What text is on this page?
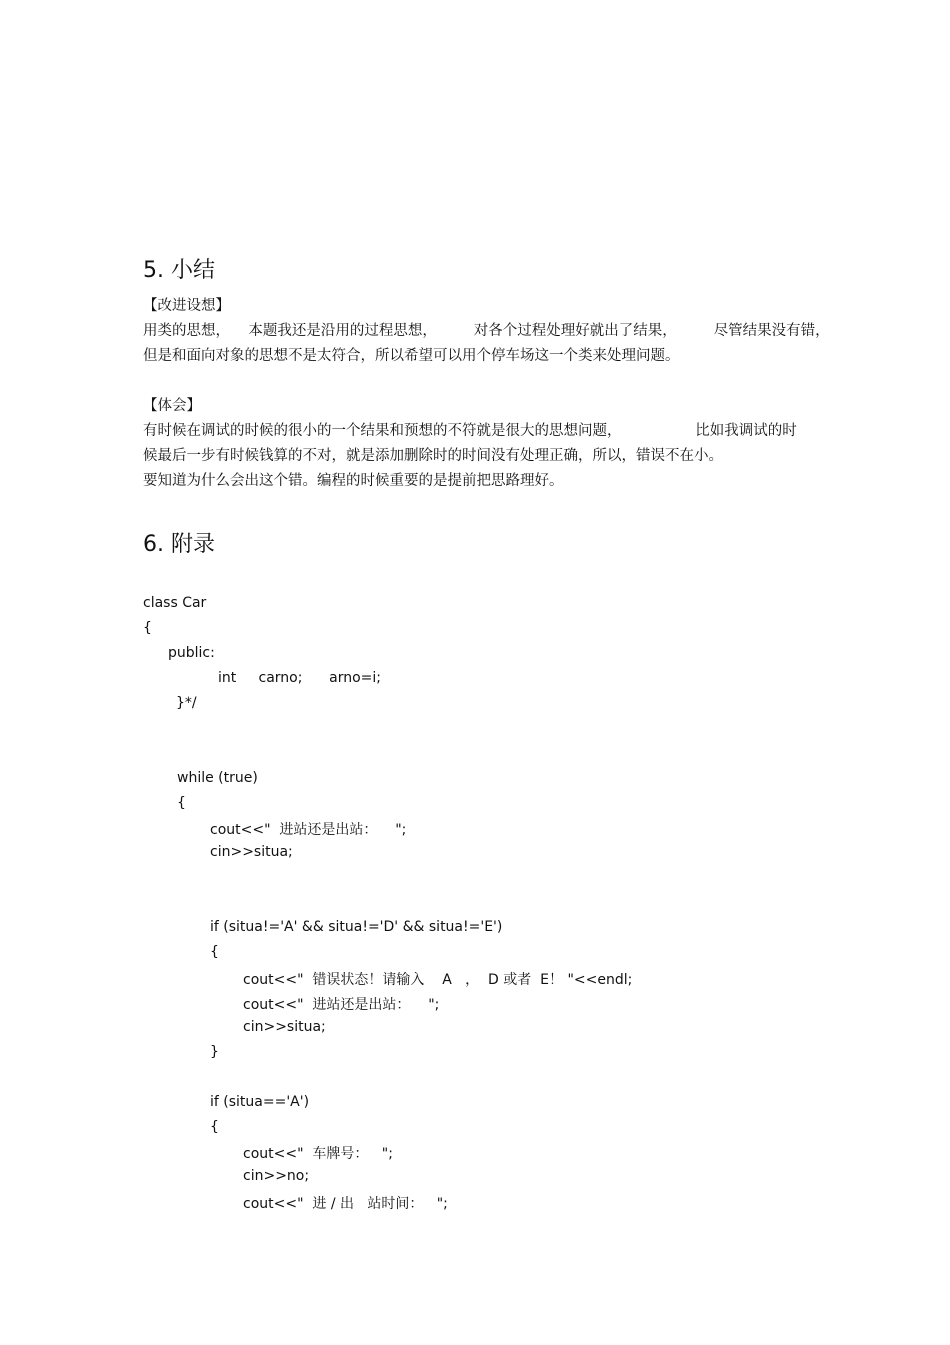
5. 小结
【改进设想】
用类的思想，    本题我还是沿用的过程思想，        对各个过程处理好就出了结果，        尽管结果没有错，
但是和面向对象的思想不是太符合，所以希望可以用个停车场这一个类来处理问题。
【体会】
有时候在调试的时候的很小的一个结果和预想的不符就是很大的思想问题，                比如我调试的时
候最后一步有时候钱算的不对，就是添加删除时的时间没有处理正确，所以，错误不在小。
要知道为什么会出这个错。编程的时候重要的是提前把思路理好。
6. 附录
class Car
{
public:
int     carno;      arno=i;
}*/
while (true)
{
cout<<"  进站还是出站：    ";
cin>>situa;
if (situa!='A' && situa!='D' && situa!='E')
{
cout<<"  错误状态！请输入    A   ，  D 或者  E！ "<<endl;
cout<<"  进站还是出站：    ";
cin>>situa;
}
if (situa=='A')
{
cout<<"  车牌号：   ";
cin>>no;
cout<<"  进 / 出   站时间：   ";
